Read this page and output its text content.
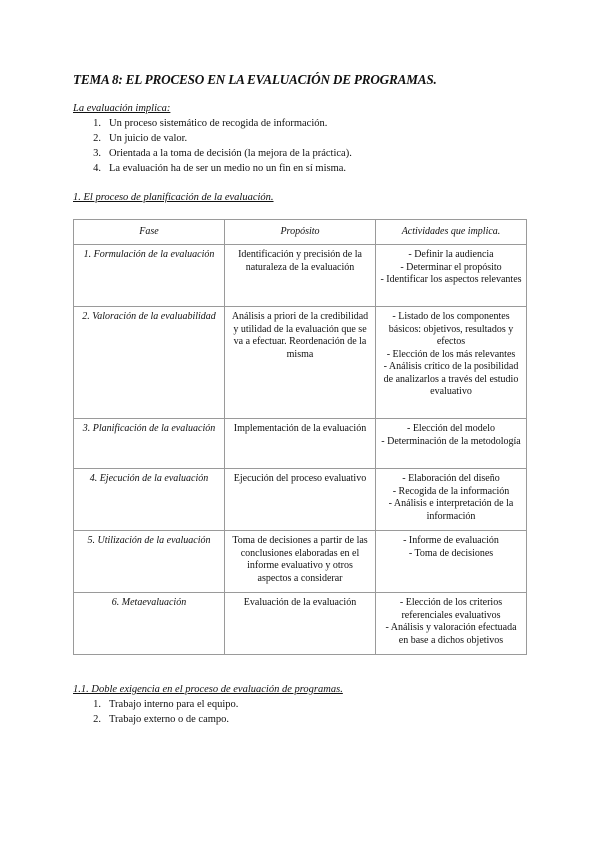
TEMA 8: EL PROCESO EN LA EVALUACIÓN DE PROGRAMAS.
La evaluación implica:
1. Un proceso sistemático de recogida de información.
2. Un juicio de valor.
3. Orientada a la toma de decisión (la mejora de la práctica).
4. La evaluación ha de ser un medio no un fin en sí misma.
1. El proceso de planificación de la evaluación.
Fase	Propósito	Actividades que implica.
1. Formulación de la evaluación	Identificación y precisión de la naturaleza de la evaluación	- Definir la audiencia
- Determinar el propósito
- Identificar los aspectos relevantes

2. Valoración de la evaluabilidad	Análisis a priori de la credibilidad y utilidad de la evaluación que se va a efectuar. Reordenación de la misma	- Listado de los componentes básicos: objetivos, resultados y efectos
- Elección de los más relevantes
- Análisis crítico de la posibilidad de analizarlos a través del estudio evaluativo

3. Planificación de la evaluación	Implementación de la evaluación	- Elección del modelo
- Determinación de la metodología

4. Ejecución de la evaluación	Ejecución del proceso evaluativo	- Elaboración del diseño
- Recogida de la información
- Análisis e interpretación de la información

5. Utilización de la evaluación	Toma de decisiones a partir de las conclusiones elaboradas en el informe evaluativo y otros aspectos a considerar	- Informe de evaluación
- Toma de decisiones

6. Metaevaluación	Evaluación de la evaluación	- Elección de los criterios referenciales evaluativos
- Análisis y valoración efectuada en base a dichos objetivos
1.1. Doble exigencia en el proceso de evaluación de programas.
1. Trabajo interno para el equipo.
2. Trabajo externo o de campo.
